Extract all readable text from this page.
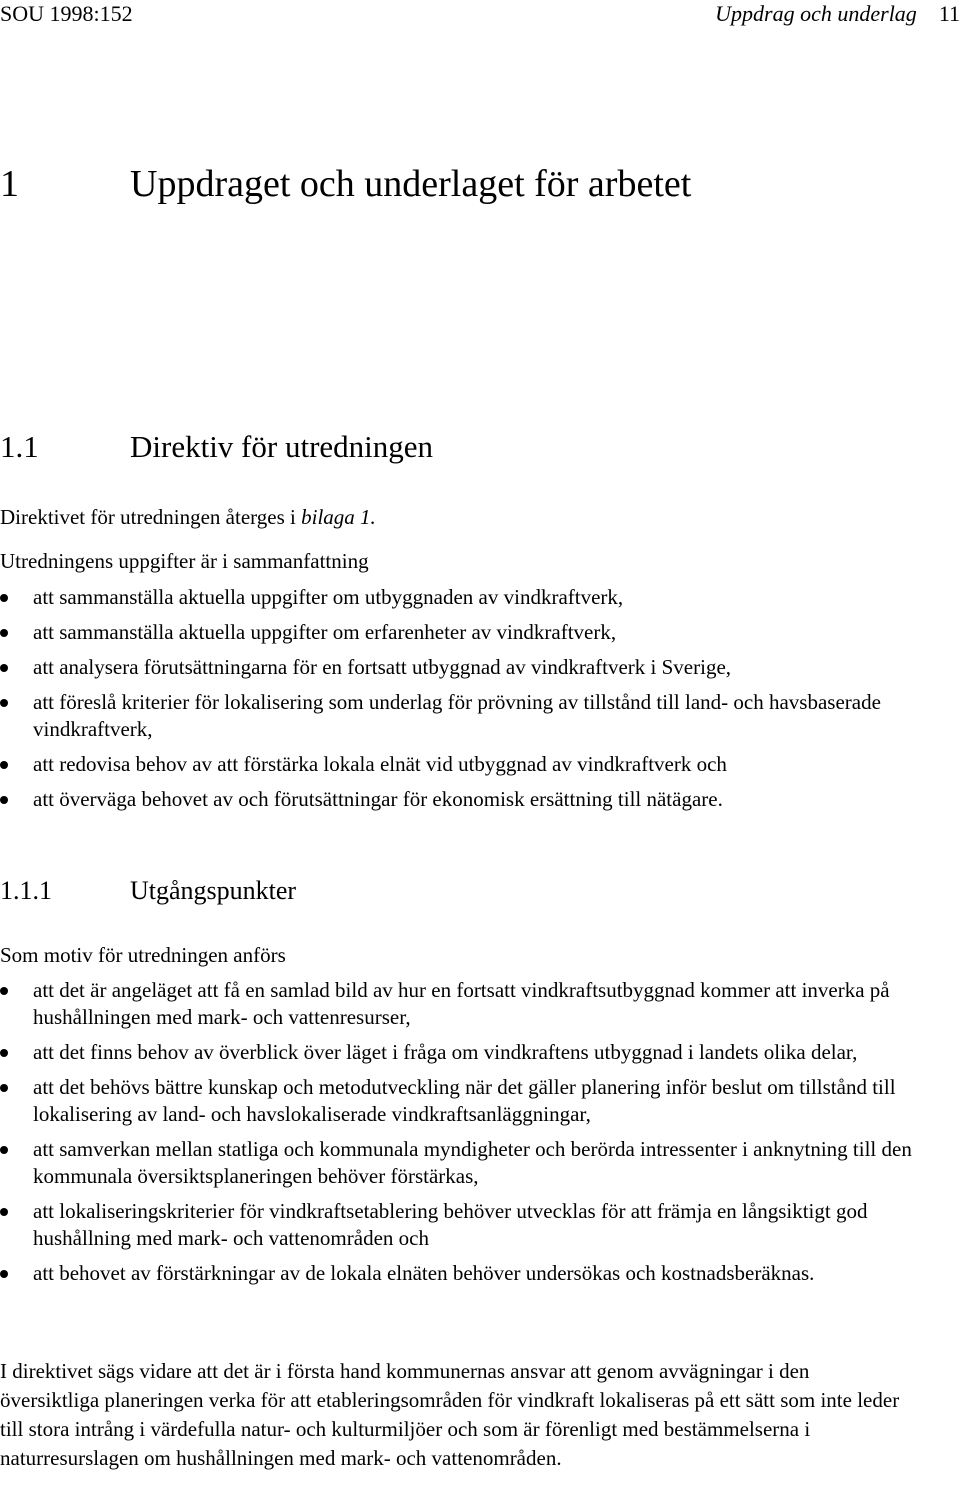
SOU 1998:152	Uppdrag och underlag 11
1	Uppdraget och underlaget för arbetet
1.1	Direktiv för utredningen

Direktivet för utredningen återges i bilaga 1.

Utredningens uppgifter är i sammanfattning

att sammanställa aktuella uppgifter om utbyggnaden av vindkraftverk,
att sammanställa aktuella uppgifter om erfarenheter av vindkraftverk,
att analysera förutsättningarna för en fortsatt utbyggnad av vindkraftverk i Sverige,
att föreslå kriterier för lokalisering som underlag för prövning av tillstånd till land- och havsbaserade vindkraftverk,
att redovisa behov av att förstärka lokala elnät vid utbyggnad av vindkraftverk och
att överväga behovet av och förutsättningar för ekonomisk ersättning till nätägare.
1.1.1	Utgångspunkter

Som motiv för utredningen anförs

att det är angeläget att få en samlad bild av hur en fortsatt vindkraftsutbyggnad kommer att inverka på hushållningen med mark- och vattenresurser,
att det finns behov av överblick över läget i fråga om vindkraftens utbyggnad i landets olika delar,
att det behövs bättre kunskap och metodutveckling när det gäller planering inför beslut om tillstånd till lokalisering av land- och havslokaliserade vindkraftsanläggningar,
att samverkan mellan statliga och kommunala myndigheter och berörda intressenter i anknytning till den kommunala översiktsplaneringen behöver förstärkas,
att lokaliseringskriterier för vindkraftsetablering behöver utvecklas för att främja en långsiktigt god hushållning med mark- och vattenområden och
att behovet av förstärkningar av de lokala elnäten behöver undersökas och kostnadsberäknas.

I direktivet sägs vidare att det är i första hand kommunernas ansvar att genom avvägningar i den översiktliga planeringen verka för att etableringsområden för vindkraft lokaliseras på ett sätt som inte leder till stora intrång i värdefulla natur- och kulturmiljöer och som är förenligt med bestämmelserna i naturresurslagen om hushållningen med mark- och vattenområden.
